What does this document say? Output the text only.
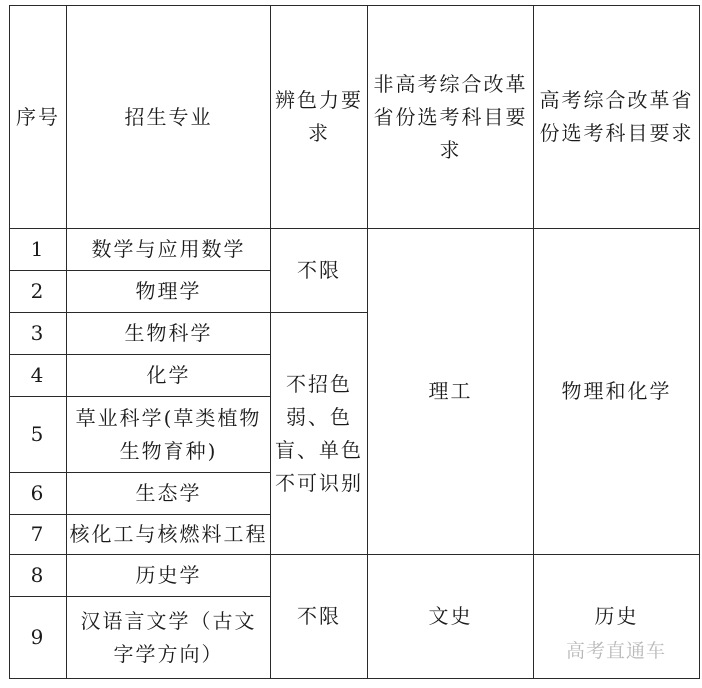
序号	招生专业	辨色力要求	非高考综合改革省份选考科目要求	高考综合改革省份选考科目要求

1	数学与应用数学	不限	理工	物理和化学
2	物理学			
3	生物科学	不招色弱、色盲、单色不可识别		

4	化学			
5	草业科学(草类植物生物育种)			

6	生态学			
7	核化工与核燃料工程			
8	历史学	不限	文史	历史
9	汉语言文学（古文字学方向）				高考直通车
